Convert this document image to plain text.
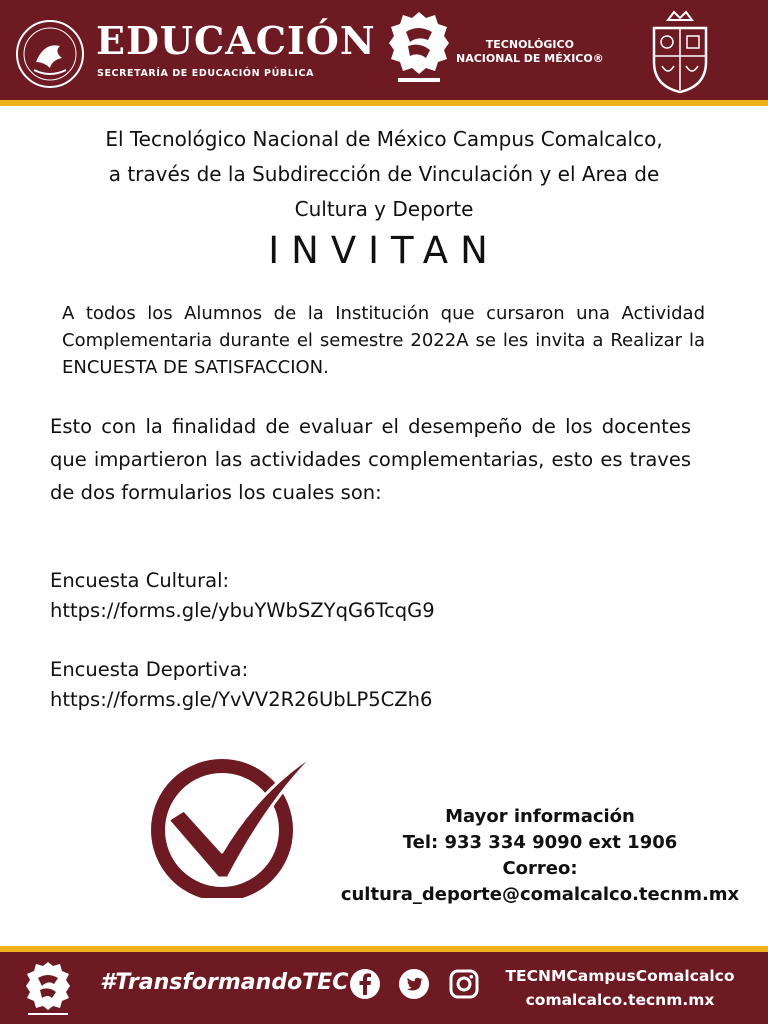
EDUCACIÓN
SECRETARÍA DE EDUCACIÓN PÚBLICA
TECNOLÓGICO
NACIONAL DE MÉXICO®
El Tecnológico Nacional de México Campus Comalcalco,
a través de la Subdirección de Vinculación y el Area de
Cultura y Deporte
INVITAN
A todos los Alumnos de la Institución que cursaron una Actividad Complementaria durante el semestre 2022A se les invita a Realizar la ENCUESTA DE SATISFACCION.
Esto con la finalidad de evaluar el desempeño de los docentes que impartieron las actividades complementarias, esto es traves de dos formularios los cuales son:
Encuesta Cultural:
https://forms.gle/ybuYWbSZYqG6TcqG9
Encuesta Deportiva:
https://forms.gle/YvVV2R26UbLP5CZh6
Mayor información
Tel: 933 334 9090 ext 1906
Correo:
cultura_deporte@comalcalco.tecnm.mx
#TransformandoTEC	TECNMCampusComalcalco
comalcalco.tecnm.mx
